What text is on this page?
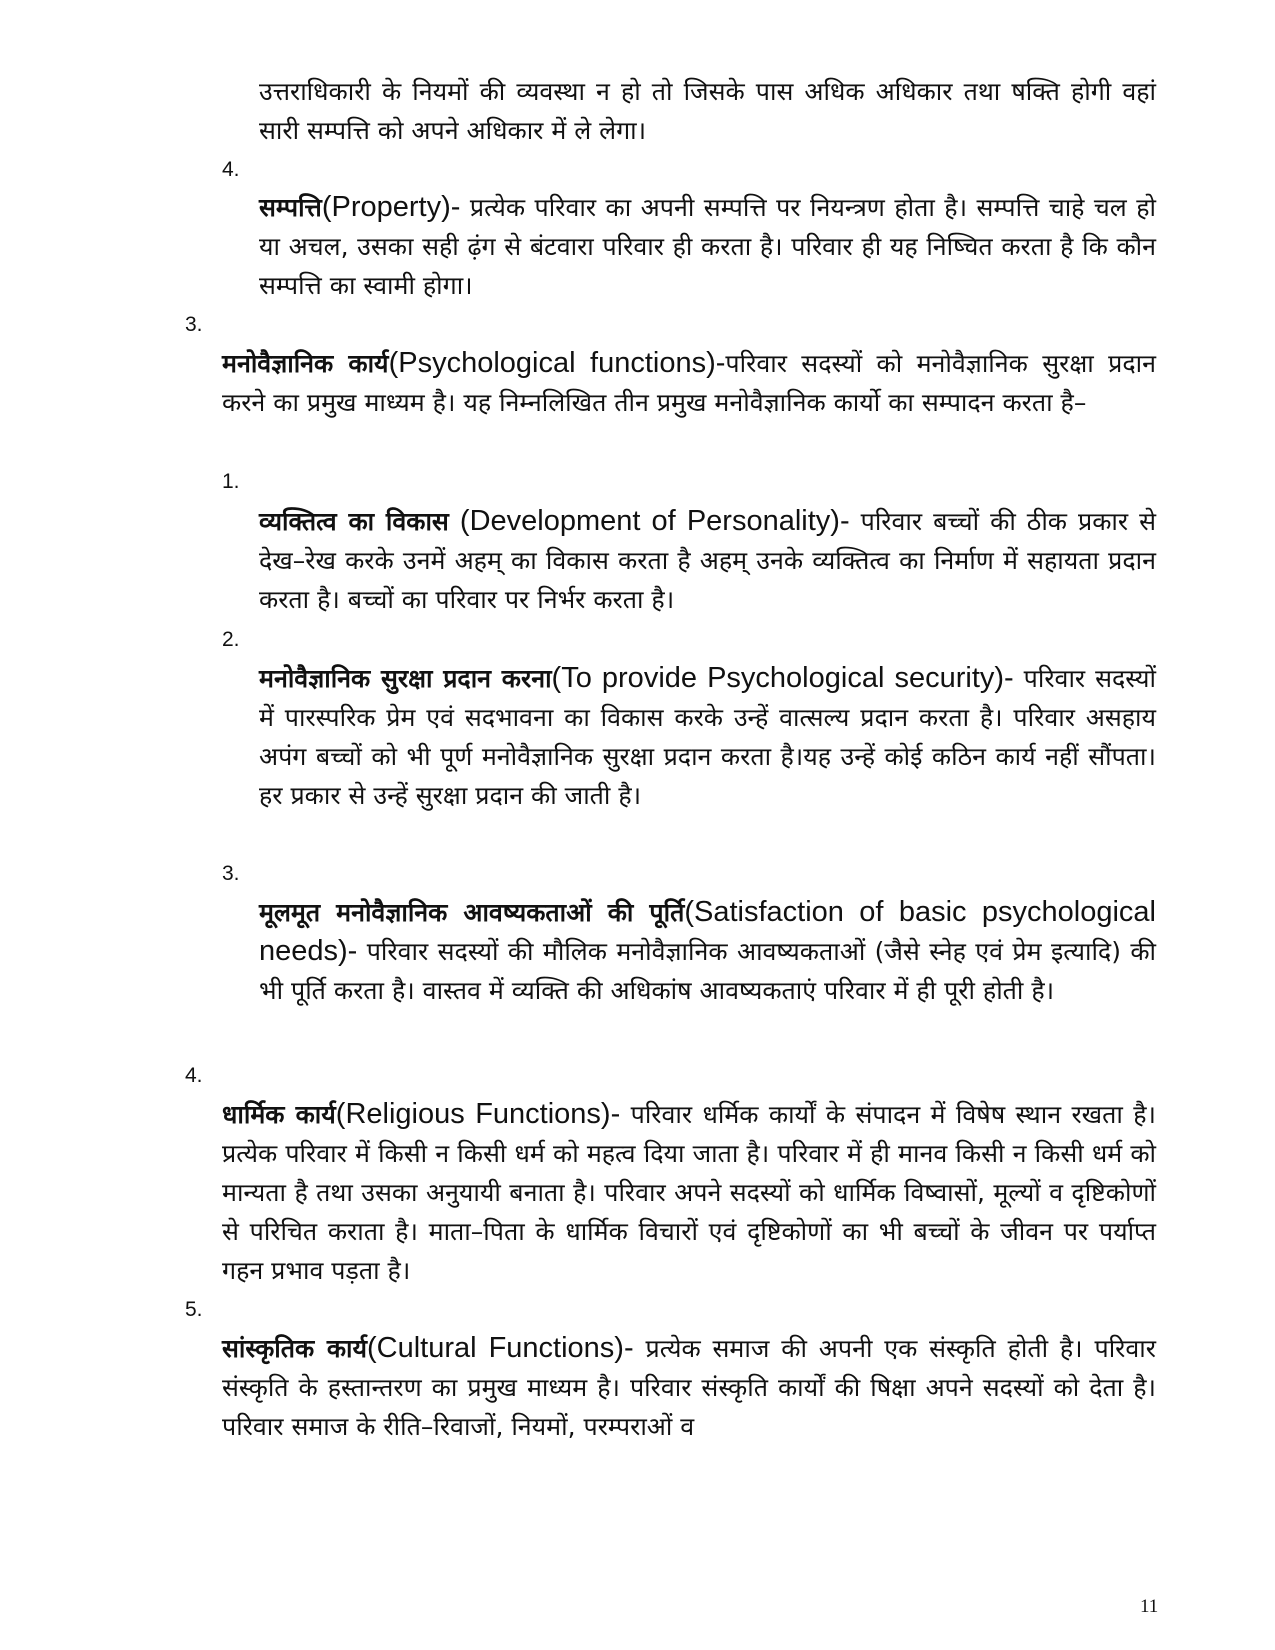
उत्तराधिकारी के नियमों की व्यवस्था न हो तो जिसके पास अधिक अधिकार तथा षक्ति होगी वहां सारी सम्पत्ति को अपने अधिकार में ले लेगा।

4.

सम्पत्ति(Property)- प्रत्येक परिवार का अपनी सम्पत्ति पर नियन्त्रण होता है। सम्पत्ति चाहे चल हो या अचल, उसका सही ढ़ंग से बंटवारा परिवार ही करता है। परिवार ही यह निष्चित करता है कि कौन सम्पत्ति का स्वामी होगा।

3.

मनोवैज्ञानिक कार्य(Psychological functions)-परिवार सदस्यों को मनोवैज्ञानिक सुरक्षा प्रदान करने का प्रमुख माध्यम है। यह निम्नलिखित तीन प्रमुख मनोवैज्ञानिक कार्यो का सम्पादन करता है–

1.

व्यक्तित्व का विकास (Development of Personality)- परिवार बच्चों की ठीक प्रकार से देख–रेख करके उनमें अहम् का विकास करता है अहम् उनके व्यक्तित्व का निर्माण में सहायता प्रदान करता है। बच्चों का परिवार पर निर्भर करता है।

2.

मनोवैज्ञानिक सुरक्षा प्रदान करना(To provide Psychological security)- परिवार सदस्यों में पारस्परिक प्रेम एवं सदभावना का विकास करके उन्हें वात्सल्य प्रदान करता है। परिवार असहाय अपंग बच्चों को भी पूर्ण मनोवैज्ञानिक सुरक्षा प्रदान करता है।यह उन्हें कोई कठिन कार्य नहीं सौंपता। हर प्रकार से उन्हें सुरक्षा प्रदान की जाती है।

3.

मूलमूत मनोवैज्ञानिक आवष्यकताओं की पूर्ति(Satisfaction of basic psychological needs)- परिवार सदस्यों की मौलिक मनोवैज्ञानिक आवष्यकताओं (जैसे स्नेह एवं प्रेम इत्यादि) की भी पूर्ति करता है। वास्तव में व्यक्ति की अधिकांष आवष्यकताएं परिवार में ही पूरी होती है।

4.

धार्मिक कार्य(Religious Functions)- परिवार धर्मिक कार्यों के संपादन में विषेष स्थान रखता है। प्रत्येक परिवार में किसी न किसी धर्म को महत्व दिया जाता है। परिवार में ही मानव किसी न किसी धर्म को मान्यता है तथा उसका अनुयायी बनाता है। परिवार अपने सदस्यों को धार्मिक विष्वासों, मूल्यों व दृष्टिकोणों से परिचित कराता है। माता–पिता के धार्मिक विचारों एवं दृष्टिकोणों का भी बच्चों के जीवन पर पर्याप्त गहन प्रभाव पड़ता है।

5.

सांस्कृतिक कार्य(Cultural Functions)- प्रत्येक समाज की अपनी एक संस्कृति होती है। परिवार संस्कृति के हस्तान्तरण का प्रमुख माध्यम है। परिवार संस्कृति कार्यों की षिक्षा अपने सदस्यों को देता है। परिवार समाज के रीति–रिवाजों, नियमों, परम्पराओं व

11
